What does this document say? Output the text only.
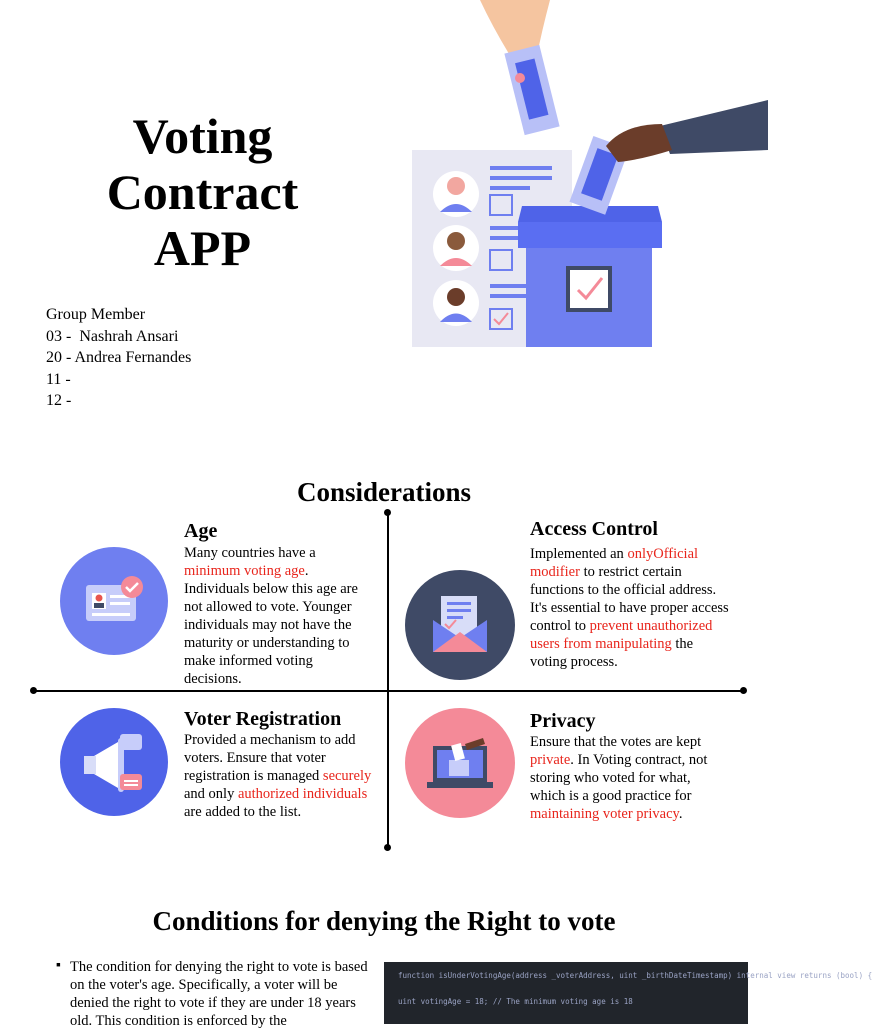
Voting
Contract
APP
Group Member
03 -  Nashrah Ansari
20 - Andrea Fernandes
11 -
12 -
Considerations
Age
Many countries have a minimum voting age. Individuals below this age are not allowed to vote. Younger individuals may not have the maturity or understanding to make informed voting decisions.
Access Control
Implemented an onlyOfficial modifier to restrict certain functions to the official address. It's essential to have proper access control to prevent unauthorized users from manipulating the voting process.
Voter Registration
Provided a mechanism to add voters. Ensure that voter registration is managed securely and only authorized individuals are added to the list.
Privacy
Ensure that the votes are kept private. In Voting contract, not storing who voted for what, which is a good practice for maintaining voter privacy.
Conditions for denying the Right to vote
▪ The condition for denying the right to vote is based on the voter's age. Specifically, a voter will be denied the right to vote if they are under 18 years old. This condition is enforced by the
function isUnderVotingAge(address _voterAddress, uint _birthDateTimestamp) internal view returns (bool) {
uint votingAge = 18; // The minimum voting age is 18
